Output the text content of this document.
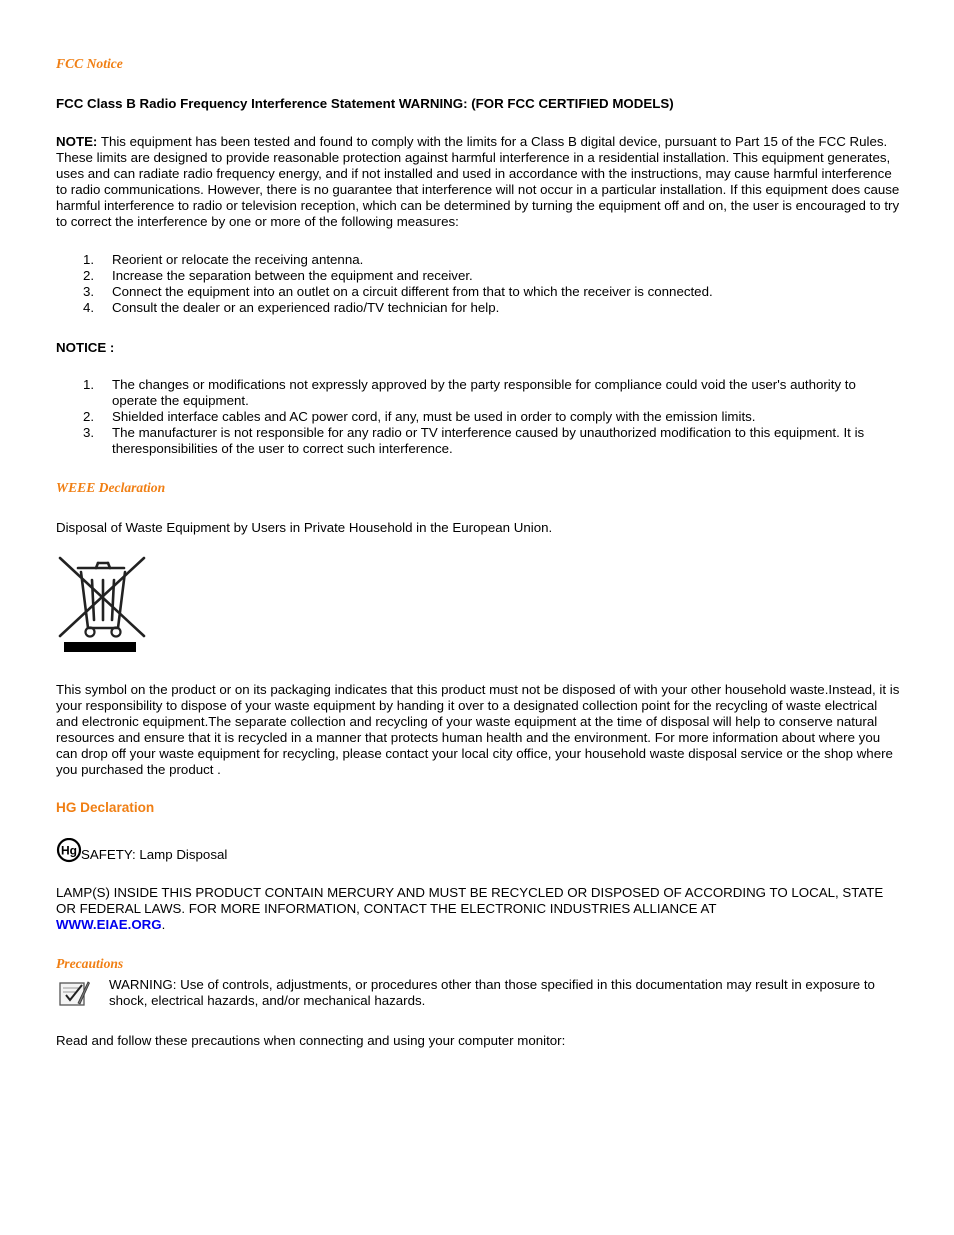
FCC Notice
FCC Class B Radio Frequency Interference Statement WARNING: (FOR FCC CERTIFIED MODELS)

NOTE: This equipment has been tested and found to comply with the limits for a Class B digital device, pursuant to Part 15 of the FCC Rules. These limits are designed to provide reasonable protection against harmful interference in a residential installation. This equipment generates, uses and can radiate radio frequency energy, and if not installed and used in accordance with the instructions, may cause harmful interference to radio communications. However, there is no guarantee that interference will not occur in a particular installation. If this equipment does cause harmful interference to radio or television reception, which can be determined by turning the equipment off and on, the user is encouraged to try to correct the interference by one or more of the following measures:

1. Reorient or relocate the receiving antenna.
2. Increase the separation between the equipment and receiver.
3. Connect the equipment into an outlet on a circuit different from that to which the receiver is connected.
4. Consult the dealer or an experienced radio/TV technician for help.
NOTICE :
1. The changes or modifications not expressly approved by the party responsible for compliance could void the user's authority to operate the equipment.
2. Shielded interface cables and AC power cord, if any, must be used in order to comply with the emission limits.
3. The manufacturer is not responsible for any radio or TV interference caused by unauthorized modification to this equipment. It is theresponsibilities of the user to correct such interference.
WEEE Declaration

Disposal of Waste Equipment by Users in Private Household in the European Union.

This symbol on the product or on its packaging indicates that this product must not be disposed of with your other household waste.Instead, it is your responsibility to dispose of your waste equipment by handing it over to a designated collection point for the recycling of waste electrical and electronic equipment.The separate collection and recycling of your waste equipment at the time of disposal will help to conserve natural resources and ensure that it is recycled in a manner that protects human health and the environment. For more information about where you can drop off your waste equipment for recycling, please contact your local city office, your household waste disposal service or the shop where you purchased the product .

HG Declaration
Hg SAFETY: Lamp Disposal

LAMP(S) INSIDE THIS PRODUCT CONTAIN MERCURY AND MUST BE RECYCLED OR DISPOSED OF ACCORDING TO LOCAL, STATE OR FEDERAL LAWS. FOR MORE INFORMATION, CONTACT THE ELECTRONIC INDUSTRIES ALLIANCE AT
WWW.EIAE.ORG.

Precautions

WARNING: Use of controls, adjustments, or procedures other than those specified in this documentation may result in exposure to shock, electrical hazards, and/or mechanical hazards.

Read and follow these precautions when connecting and using your computer monitor:
